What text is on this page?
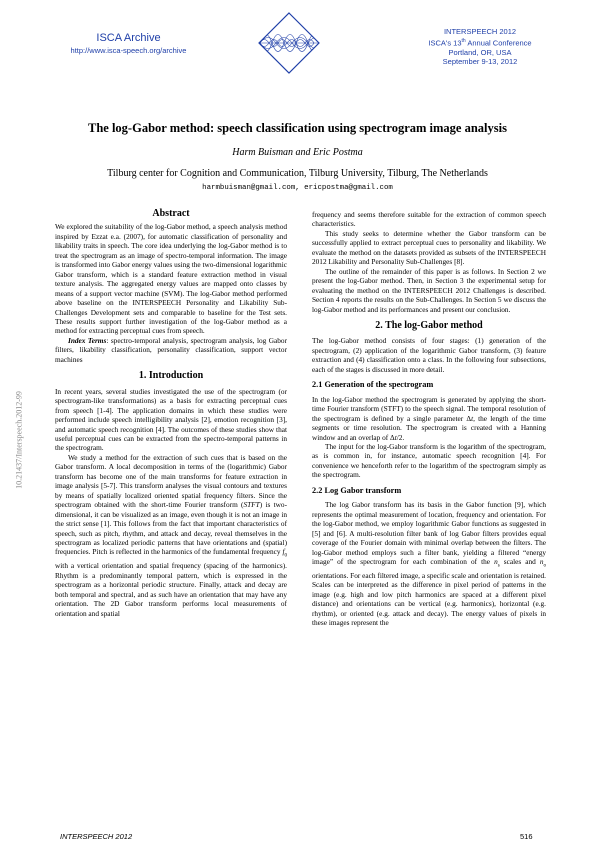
ISCA Archive
http://www.isca-speech.org/archive
INTERSPEECH 2012
ISCA's 13th Annual Conference
Portland, OR, USA
September 9-13, 2012
The log-Gabor method: speech classification using spectrogram image analysis
Harm Buisman and Eric Postma
Tilburg center for Cognition and Communication, Tilburg University, Tilburg, The Netherlands
harmbuisman@gmail.com, ericpostma@gmail.com
10.21437/Interspeech.2012-99
Abstract

We explored the suitability of the log-Gabor method, a speech analysis method inspired by Ezzat e.a. (2007), for automatic classification of personality and likability traits in speech. The core idea underlying the log-Gabor method is to treat the spectrogram as an image of spectro-temporal information. The image is transformed into Gabor energy values using the two-dimensional logarithmic Gabor transform, which is a standard feature extraction method in visual texture analysis. The aggregated energy values are mapped onto classes by means of a support vector machine (SVM). The log-Gabor method performed above baseline on the INTERSPEECH Personality and Likability Sub-Challenges Development sets and comparable to baseline for the Test sets. These results support further investigation of the log-Gabor method as a method for extracting perceptual cues from speech.

Index Terms: spectro-temporal analysis, spectrogram analysis, log Gabor filters, likability classification, personality classification, support vector machines

1. Introduction

In recent years, several studies investigated the use of the spectrogram (or spectrogram-like transformations) as a basis for extracting perceptual cues from speech [1-4]. The application domains in which these studies were performed include speech intelligibility analysis [2], emotion recognition [3], and automatic speech recognition [4]. The outcomes of these studies show that useful perceptual cues can be extracted from the spectro-temporal patterns in the spectrogram.

We study a method for the extraction of such cues that is based on the Gabor transform. A local decomposition in terms of the (logarithmic) Gabor transform has become one of the main transforms for feature extraction in image analysis [5-7]. This transform analyses the visual contours and textures by means of spatially localized oriented spatial frequency filters. Since the spectrogram obtained with the short-time Fourier transform (STFT) is two-dimensional, it can be visualized as an image, even though it is not an image in the strict sense [1]. This follows from the fact that important characteristics of speech, such as pitch, rhythm, and attack and decay, reveal themselves in the spectrogram as localized periodic patterns that have orientations and (spatial) frequencies. Pitch is reflected in the harmonics of the fundamental frequency $f_0$ with a vertical orientation and spatial frequency (spacing of the harmonics). Rhythm is a predominantly temporal pattern, which is expressed in the spectrogram as a horizontal periodic structure. Finally, attack and decay are both temporal and spectral, and as such have an orientation that may have any orientation. The 2D Gabor transform performs local measurements of orientation and spatial

frequency and seems therefore suitable for the extraction of common speech characteristics.

This study seeks to determine whether the Gabor transform can be successfully applied to extract perceptual cues to personality and likability. We evaluate the method on the datasets provided as subsets of the INTERSPEECH 2012 Likability and Personality Sub-Challenges [8].

The outline of the remainder of this paper is as follows. In Section 2 we present the log-Gabor method. Then, in Section 3 the experimental setup for evaluating the method on the INTERSPEECH 2012 Challenges is described. Section 4 reports the results on the Sub-Challenges. In Section 5 we discuss the log-Gabor method and its performances and present our conclusion.

2. The log-Gabor method

The log-Gabor method consists of four stages: (1) generation of the spectrogram, (2) application of the logarithmic Gabor transform, (3) feature extraction and (4) classification onto a class. In the following four subsections, each of the stages is discussed in more detail.

2.1 Generation of the spectrogram

In the log-Gabor method the spectrogram is generated by applying the short-time Fourier transform (STFT) to the speech signal. The temporal resolution of the spectrogram is defined by a single parameter Δt, the length of the time segments or time resolution. The spectrogram is created with a Hanning window and an overlap of Δt/2.

The input for the log-Gabor transform is the logarithm of the spectrogram, as is common in, for instance, automatic speech recognition [4]. For convenience we henceforth refer to the logarithm of the spectrogram simply as the spectrogram.

2.2 Log Gabor transform

The log Gabor transform has its basis in the Gabor function [9], which represents the optimal measurement of location, frequency and orientation. For the log-Gabor method, we employ logarithmic Gabor functions as suggested in [5] and [6]. A multi-resolution filter bank of log Gabor filters provides equal coverage of the Fourier domain with minimal overlap between the filters. The log-Gabor method employs such a filter bank, yielding a filtered “energy image” of the spectrogram for each combination of the $n_s$ scales and $n_o$ orientations. For each filtered image, a specific scale and orientation is retained. Scales can be interpreted as the difference in pixel period of patterns in the image (e.g. high and low pitch harmonics are spaced at a different pixel distance) and orientations can be vertical (e.g. harmonics), horizontal (e.g. rhythm), or oriented (e.g. attack and decay). The energy values of pixels in these images represent the

INTERSPEECH 2012	516
